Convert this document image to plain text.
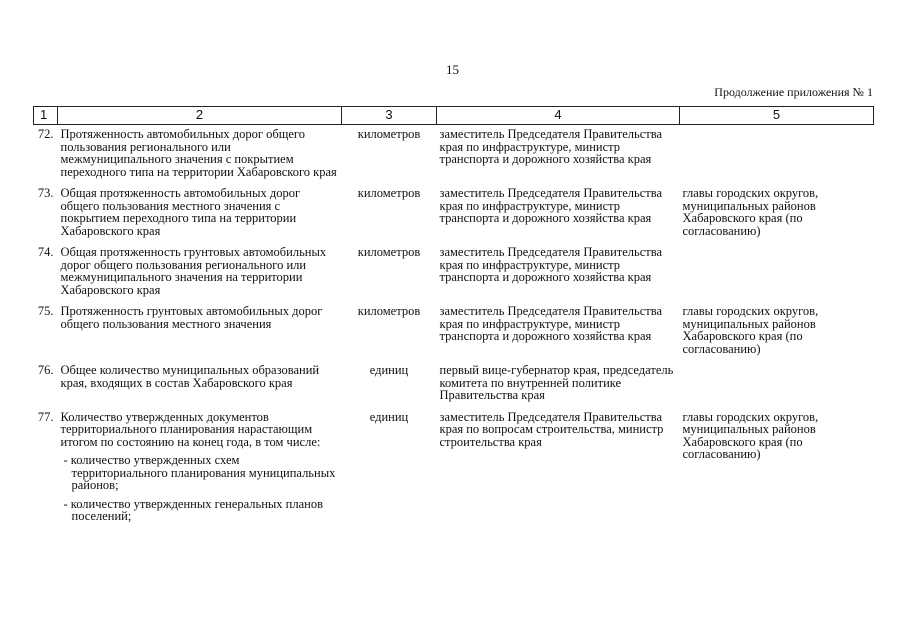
15
Продолжение приложения № 1
1	2	3	4	5
72.	Протяженность автомобильных дорог общего пользования регионального или межмуниципального значения с покрытием переходного типа на территории Хабаровского края	километров	заместитель Председателя Правительства края по инфраструктуре, министр транспорта и дорожного хозяйства края	
73.	Общая протяженность автомобильных дорог общего пользования местного значения с покрытием переходного типа на территории Хабаровского края	километров	заместитель Председателя Правительства края по инфраструктуре, министр транспорта и дорожного хозяйства края	главы городских округов, муниципальных районов Хабаровского края (по согласованию)
74.	Общая протяженность грунтовых автомобильных дорог общего пользования регионального или межмуниципального значения на территории Хабаровского края	километров	заместитель Председателя Правительства края по инфраструктуре, министр транспорта и дорожного хозяйства края	
75.	Протяженность грунтовых автомобильных дорог общего пользования местного значения	километров	заместитель Председателя Правительства края по инфраструктуре, министр транспорта и дорожного хозяйства края	главы городских округов, муниципальных районов Хабаровского края (по согласованию)
76.	Общее количество муниципальных образований края, входящих в состав Хабаровского края	единиц	первый вице-губернатор края, председатель комитета по внутренней политике Правительства края	
77.	Количество утвержденных документов территориального планирования нарастающим итогом по состоянию на конец года, в том числе:
- количество утвержденных схем территориального планирования муниципальных районов;
- количество утвержденных генеральных планов поселений;	единиц	заместитель Председателя Правительства края по вопросам строительства, министр строительства края	главы городских округов, муниципальных районов Хабаровского края (по согласованию)
